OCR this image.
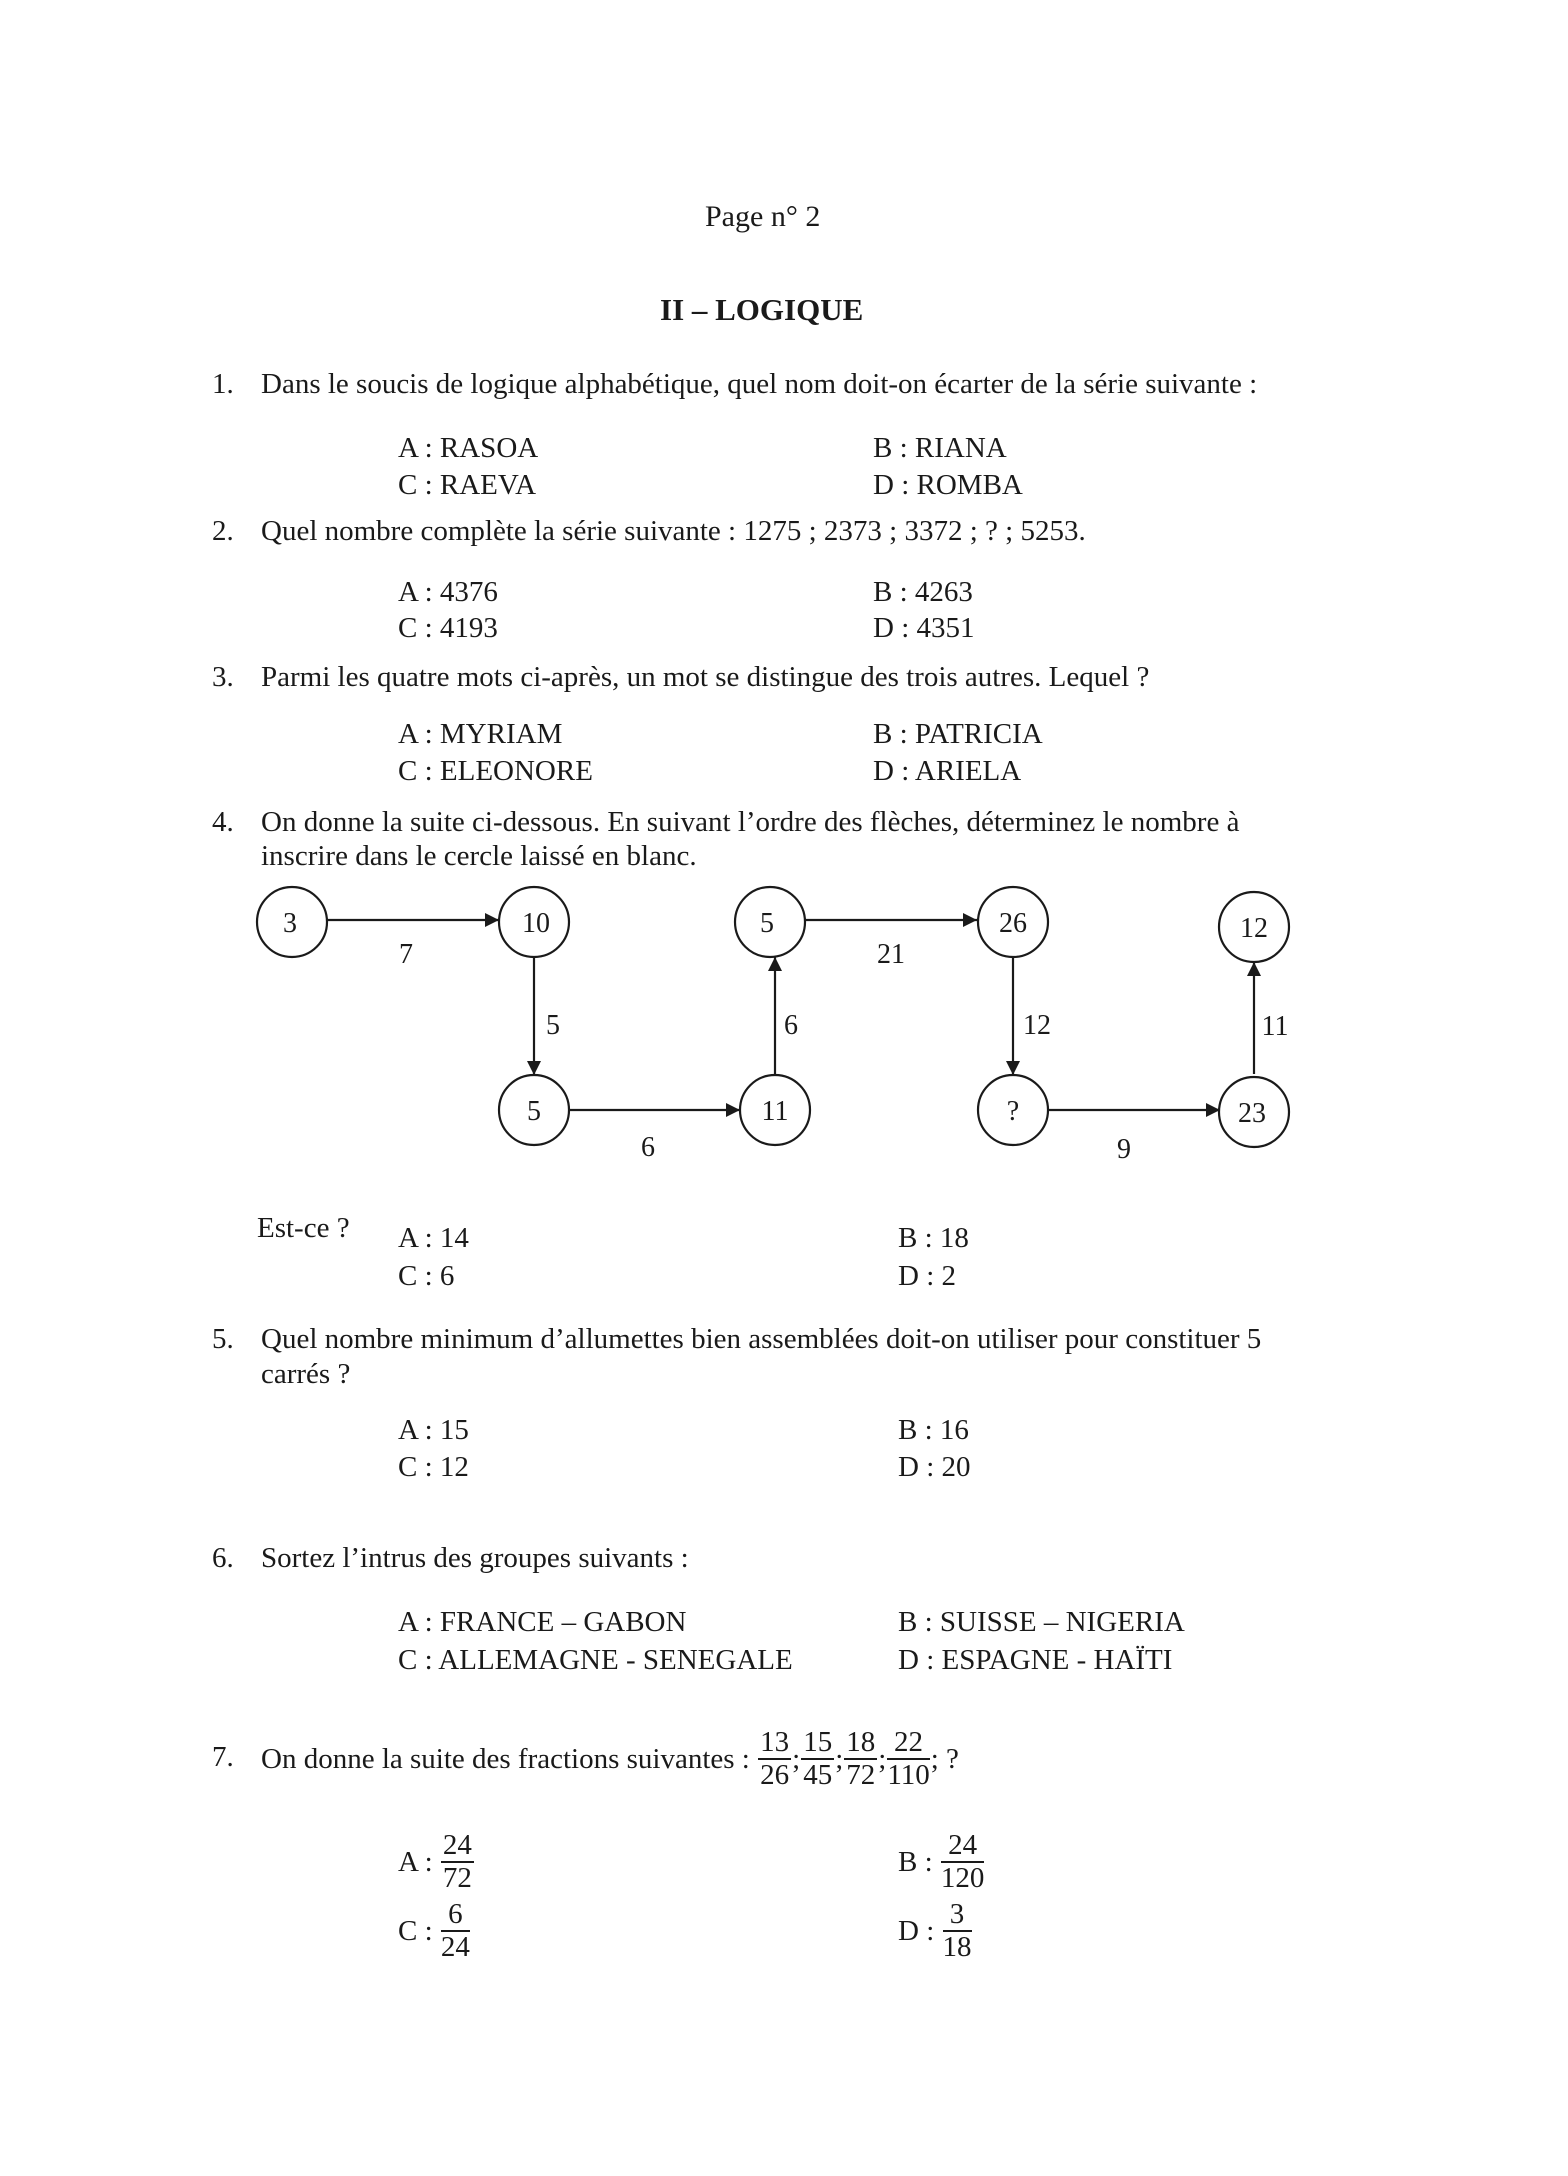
Page n° 2
II – LOGIQUE
1. Dans le soucis de logique alphabétique, quel nom doit-on écarter de la série suivante :
A : RASOA	B : RIANA
C : RAEVA	D : ROMBA
2. Quel nombre complète la série suivante : 1275 ; 2373 ; 3372 ; ? ; 5253.
A : 4376	B : 4263
C : 4193	D : 4351
3. Parmi les quatre mots ci-après, un mot se distingue des trois autres. Lequel ?
A : MYRIAM	B : PATRICIA
C : ELEONORE	D : ARIELA
4. On donne la suite ci-dessous. En suivant l’ordre des flèches, déterminez le nombre à
inscrire dans le cercle laissé en blanc.
3	10
5	11
5	26
?	23
12
7
5
6
6
21
12
9
11
Est-ce ? A : 14	B : 18
C : 6	D : 2
5. Quel nombre minimum d’allumettes bien assemblées doit-on utiliser pour constituer 5
carrés ?
A : 15	B : 16
C : 12	D : 20
6. Sortez l’intrus des groupes suivants :
A : FRANCE – GABON	B : SUISSE – NIGERIA
C : ALLEMAGNE - SENEGALE	D : ESPAGNE - HAÏTI
7. On donne la suite des fractions suivantes :
$\frac{13}{26}$ ; $\frac{15}{45}$ ; $\frac{18}{72}$ ; $\frac{22}{110}$ ; ?
A :
$\frac{24}{72}$	B :
$\frac{24}{120}$
C :
$\frac{6}{24}$	D :
$\frac{3}{18}$
